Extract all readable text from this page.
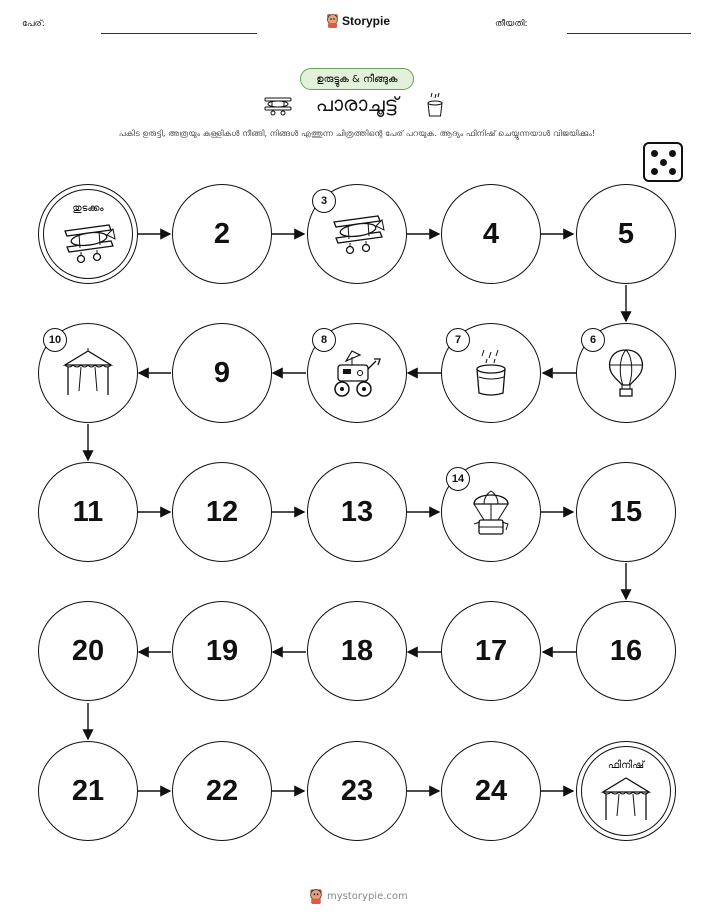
പേര്:	Storypie	തീയതി:
ഉരുട്ടുക & നീങ്ങുക
പാരാചൂട്ട്
പകിട ഉരുട്ടി, അത്രയും കള്ളികൾ നീങ്ങി, നിങ്ങൾ എത്തുന്ന ചിത്രത്തിന്റെ പേര് പറയുക. ആദ്യം ഫിനിഷ് ചെയ്യുന്നയാൾ വിജയിക്കും!
തുടക്കം
2
3
4	5
6
7
8
9
10
11	12	13
14
15
16
17
18
19
20
21	22	23	24
ഫിനിഷ്
mystorypie.com
